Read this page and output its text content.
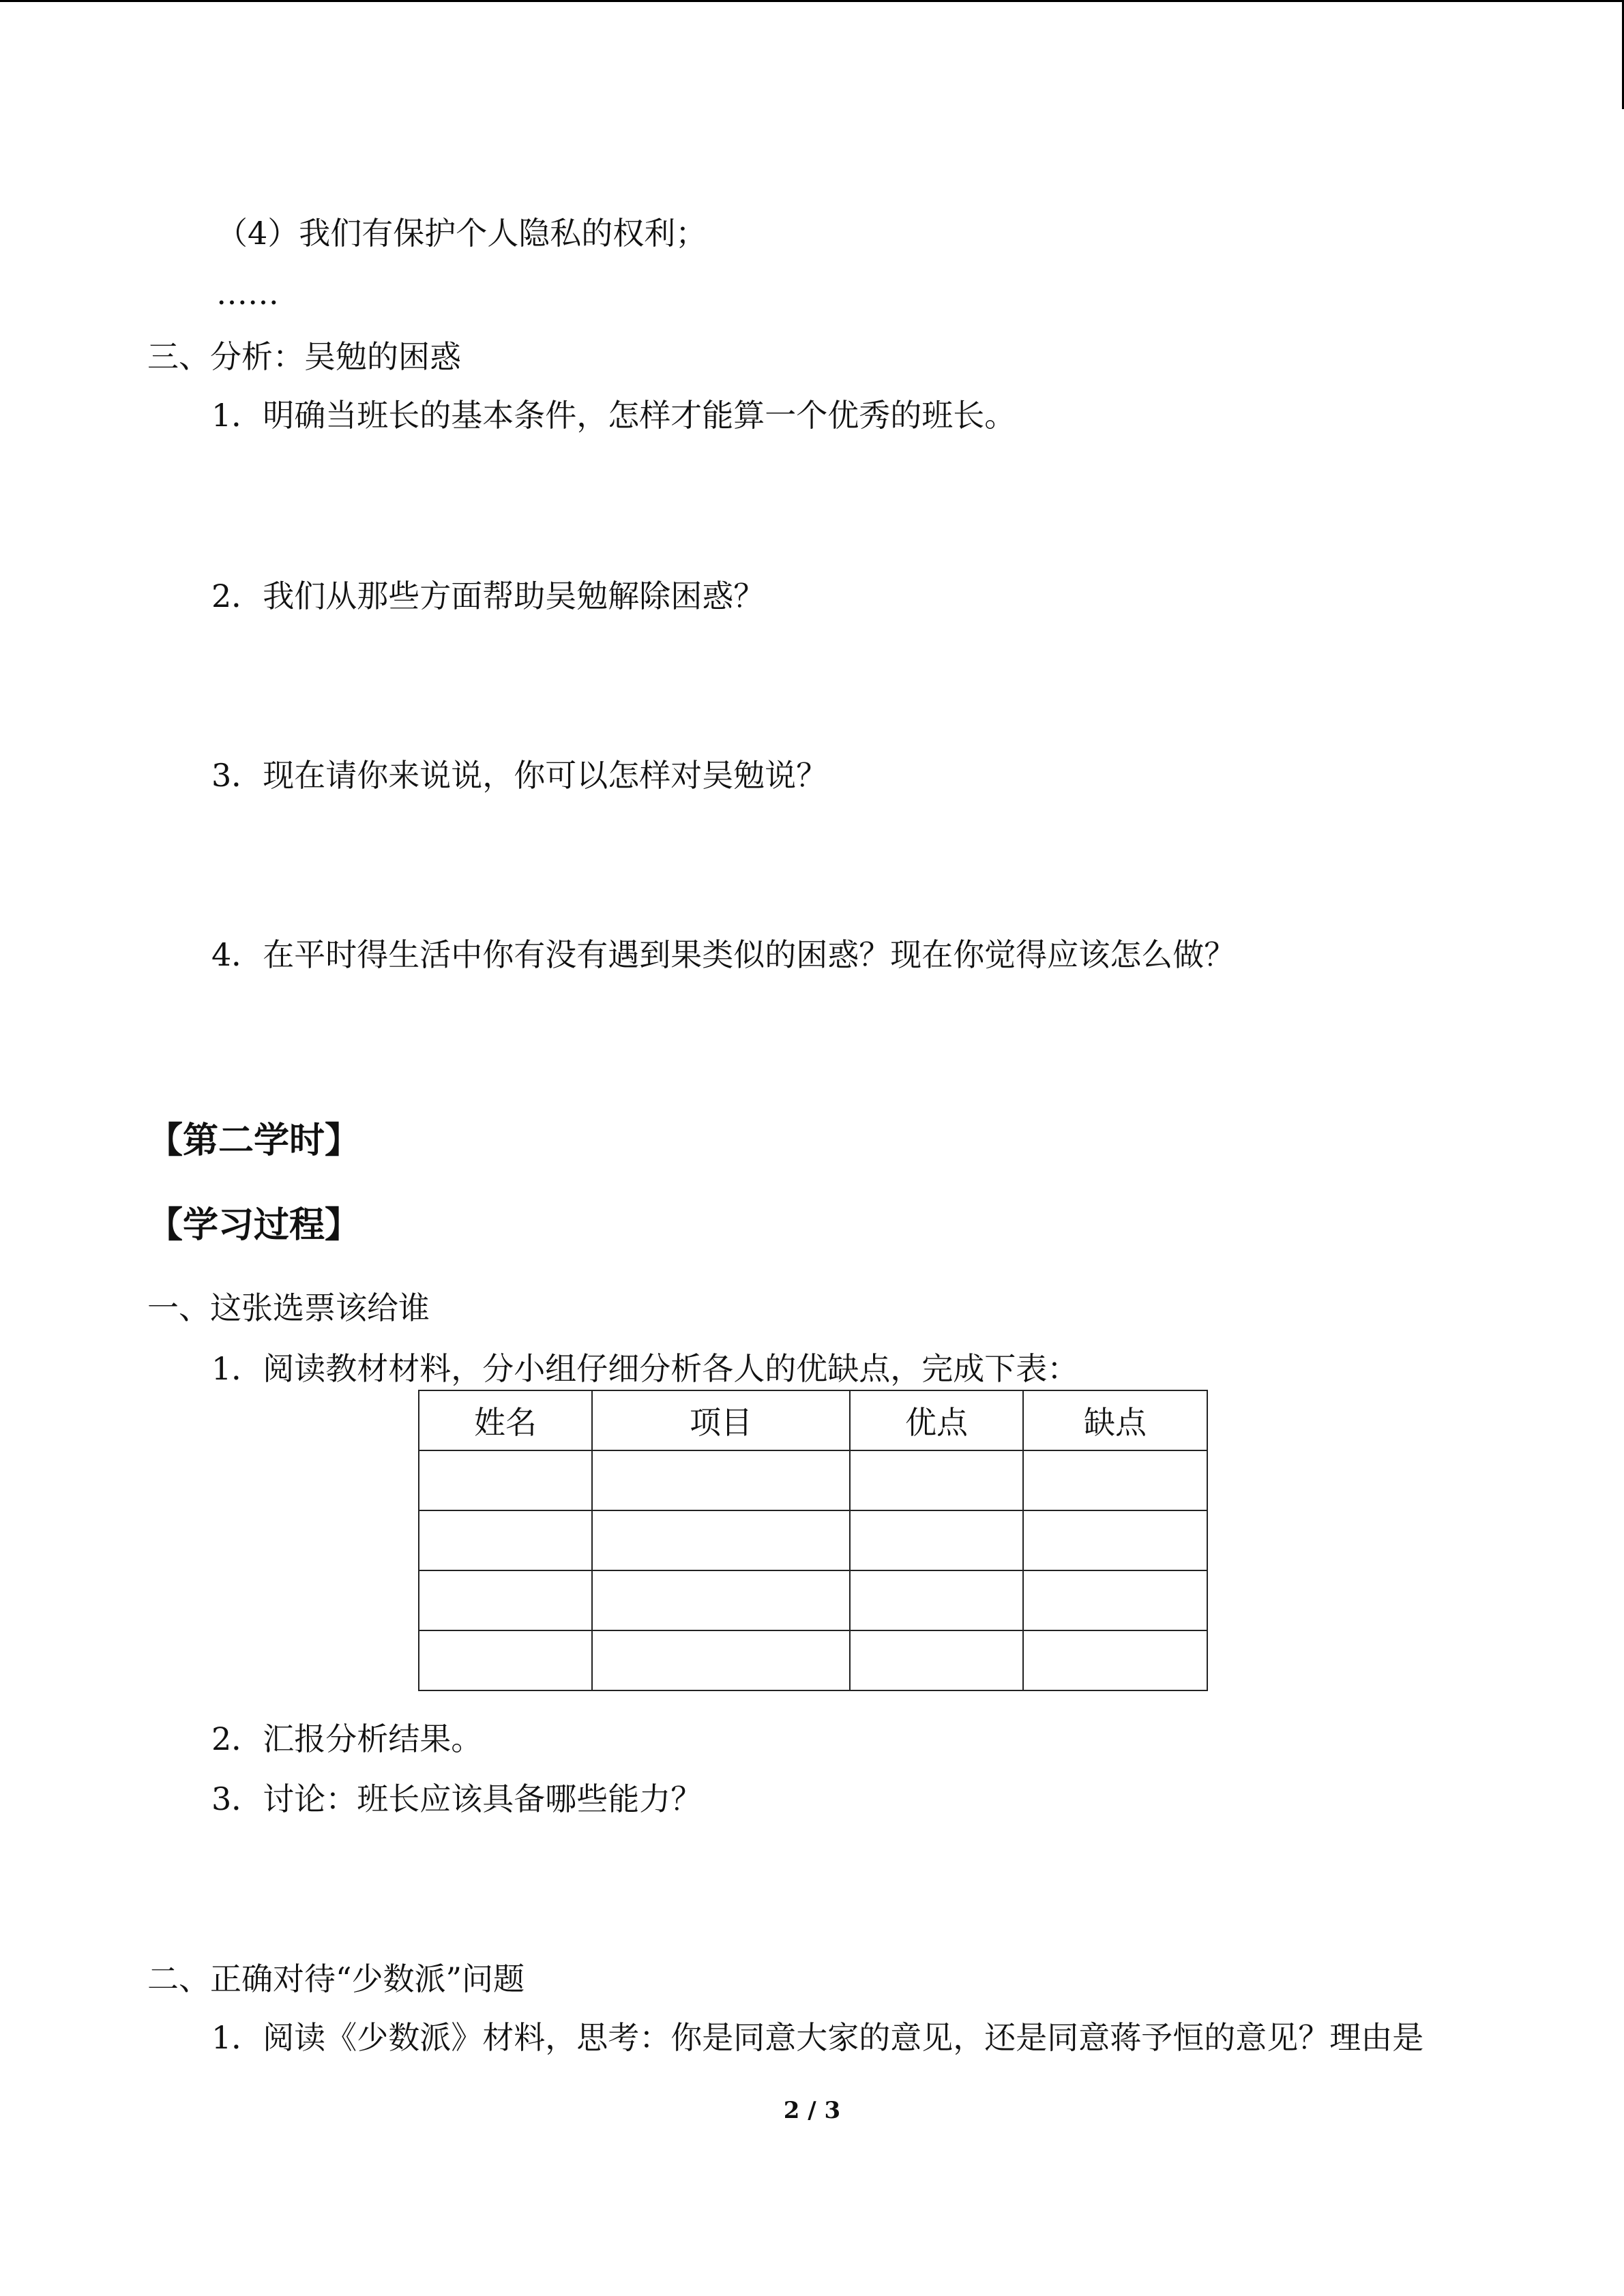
（4）我们有保护个人隐私的权利；
……
三、分析：吴勉的困惑
1．明确当班长的基本条件，怎样才能算一个优秀的班长。
2．我们从那些方面帮助吴勉解除困惑？
3．现在请你来说说，你可以怎样对吴勉说？
4．在平时得生活中你有没有遇到果类似的困惑？现在你觉得应该怎么做？
【第二学时】
【学习过程】
一、这张选票该给谁
1．阅读教材材料，分小组仔细分析各人的优缺点，完成下表：
姓名	项目	优点	缺点

2．汇报分析结果。
3．讨论：班长应该具备哪些能力？
二、正确对待“少数派”问题
1．阅读《少数派》材料，思考：你是同意大家的意见，还是同意蒋予恒的意见？理由是
2 / 3
